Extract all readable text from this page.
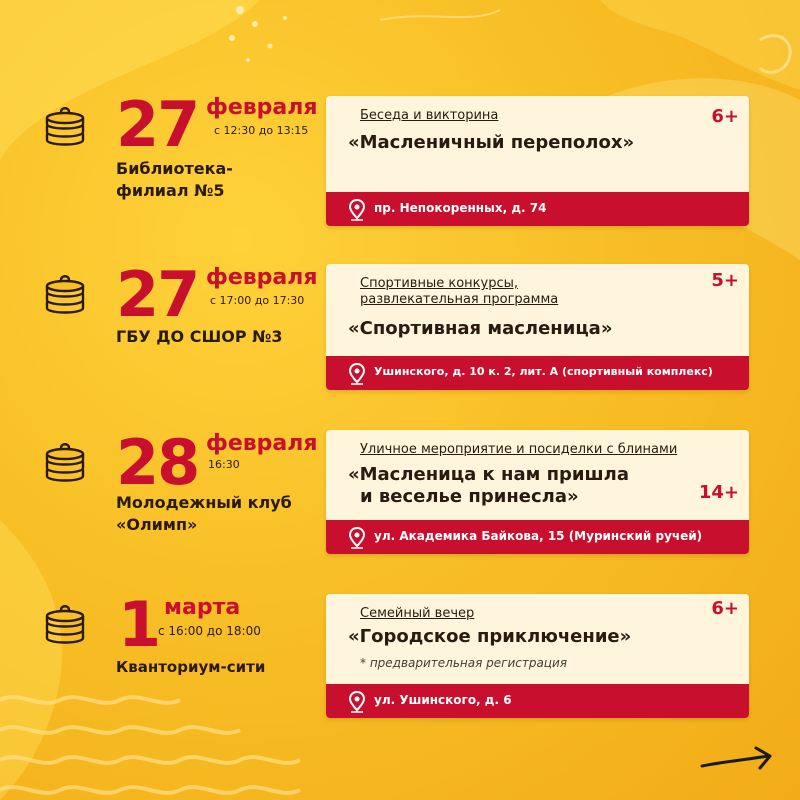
27 февраля
с 12:30 до 13:15
Библиотека-
филиал №5
Беседа и викторина
«Масленичный переполох»
6+
пр. Непокоренных, д. 74
27 февраля
с 17:00 до 17:30
ГБУ ДО СШОР №3
Спортивные конкурсы,
развлекательная программа
«Спортивная масленица»
5+
Ушинского, д. 10 к. 2, лит. А (спортивный комплекс)
28 февраля
16:30
Молодежный клуб
«Олимп»
Уличное мероприятие и посиделки с блинами
«Масленица к нам пришла
и веселье принесла»	14+
ул. Академика Байкова, 15 (Муринский ручей)
1 марта
с 16:00 до 18:00
Кванториум-сити
Семейный вечер
«Городское приключение»
6+
* предварительная регистрация
ул. Ушинского, д. 6
